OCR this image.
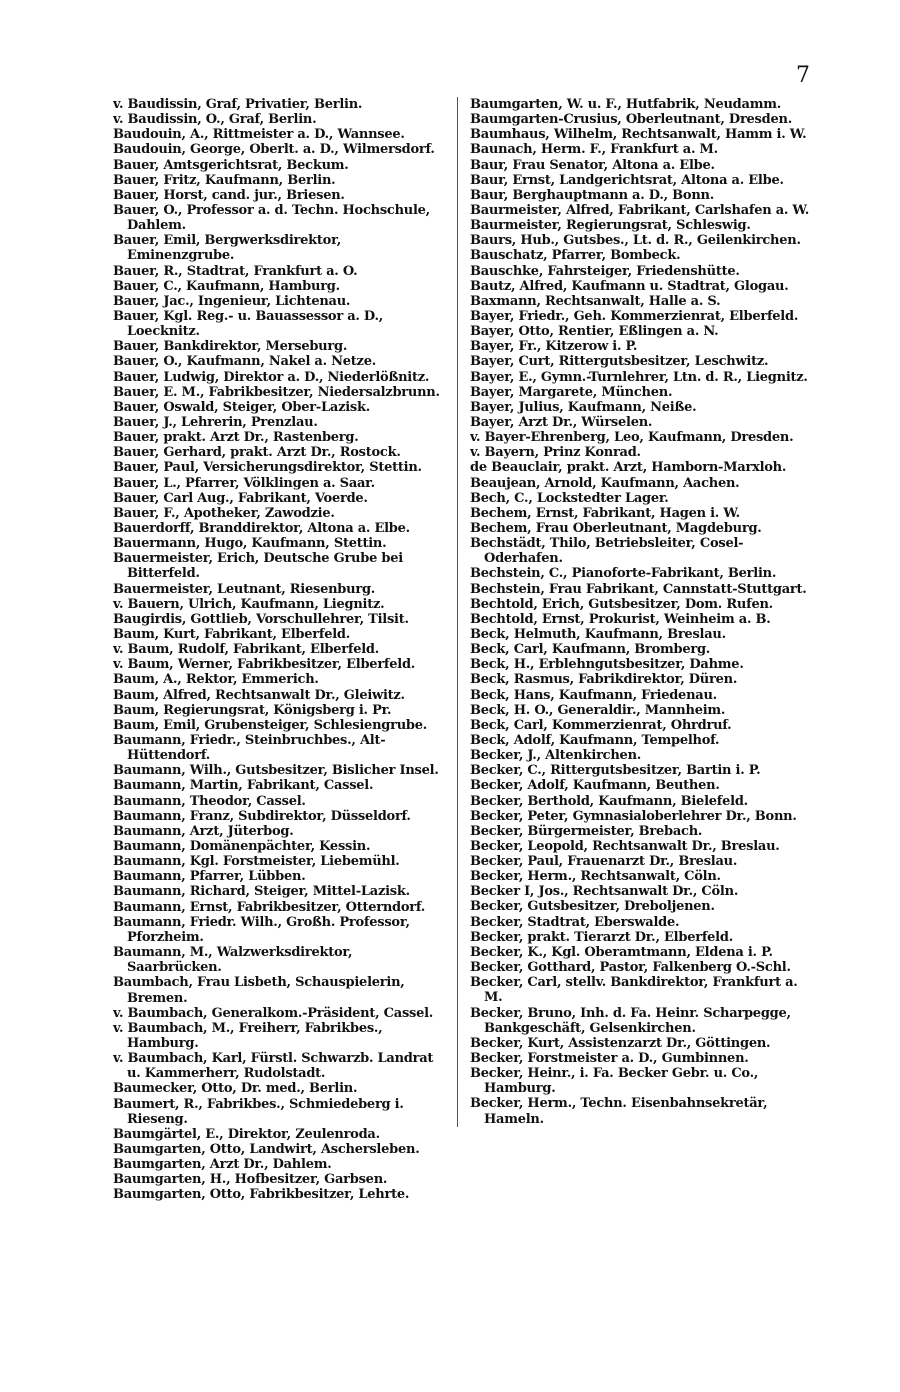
7
v. Baudissin, Graf, Privatier, Berlin.
v. Baudissin, O., Graf, Berlin.
Baudouin, A., Rittmeister a. D., Wannsee.
Baudouin, George, Oberlt. a. D., Wilmersdorf.
Bauer, Amtsgerichtsrat, Beckum.
Bauer, Fritz, Kaufmann, Berlin.
Bauer, Horst, cand. jur., Briesen.
Bauer, O., Professor a. d. Techn. Hochschule, Dahlem.
Bauer, Emil, Bergwerksdirektor, Eminenzgrube.
Bauer, R., Stadtrat, Frankfurt a. O.
Bauer, C., Kaufmann, Hamburg.
Bauer, Jac., Ingenieur, Lichtenau.
Bauer, Kgl. Reg.- u. Bauassessor a. D., Loecknitz.
Bauer, Bankdirektor, Merseburg.
Bauer, O., Kaufmann, Nakel a. Netze.
Bauer, Ludwig, Direktor a. D., Niederlößnitz.
Bauer, E. M., Fabrikbesitzer, Niedersalzbrunn.
Bauer, Oswald, Steiger, Ober-Lazisk.
Bauer, J., Lehrerin, Prenzlau.
Bauer, prakt. Arzt Dr., Rastenberg.
Bauer, Gerhard, prakt. Arzt Dr., Rostock.
Bauer, Paul, Versicherungsdirektor, Stettin.
Bauer, L., Pfarrer, Völklingen a. Saar.
Bauer, Carl Aug., Fabrikant, Voerde.
Bauer, F., Apotheker, Zawodzie.
Bauerdorff, Branddirektor, Altona a. Elbe.
Bauermann, Hugo, Kaufmann, Stettin.
Bauermeister, Erich, Deutsche Grube bei Bitterfeld.
Bauermeister, Leutnant, Riesenburg.
v. Bauern, Ulrich, Kaufmann, Liegnitz.
Baugirdis, Gottlieb, Vorschullehrer, Tilsit.
Baum, Kurt, Fabrikant, Elberfeld.
v. Baum, Rudolf, Fabrikant, Elberfeld.
v. Baum, Werner, Fabrikbesitzer, Elberfeld.
Baum, A., Rektor, Emmerich.
Baum, Alfred, Rechtsanwalt Dr., Gleiwitz.
Baum, Regierungsrat, Königsberg i. Pr.
Baum, Emil, Grubensteiger, Schlesiengrube.
Baumann, Friedr., Steinbruchbes., Alt-Hüttendorf.
Baumann, Wilh., Gutsbesitzer, Bislicher Insel.
Baumann, Martin, Fabrikant, Cassel.
Baumann, Theodor, Cassel.
Baumann, Franz, Subdirektor, Düsseldorf.
Baumann, Arzt, Jüterbog.
Baumann, Domänenpächter, Kessin.
Baumann, Kgl. Forstmeister, Liebemühl.
Baumann, Pfarrer, Lübben.
Baumann, Richard, Steiger, Mittel-Lazisk.
Baumann, Ernst, Fabrikbesitzer, Otterndorf.
Baumann, Friedr. Wilh., Großh. Professor, Pforzheim.
Baumann, M., Walzwerksdirektor, Saarbrücken.
Baumbach, Frau Lisbeth, Schauspielerin, Bremen.
v. Baumbach, Generalkom.-Präsident, Cassel.
v. Baumbach, M., Freiherr, Fabrikbes., Hamburg.
v. Baumbach, Karl, Fürstl. Schwarzb. Landrat u. Kammerherr, Rudolstadt.
Baumecker, Otto, Dr. med., Berlin.
Baumert, R., Fabrikbes., Schmiedeberg i. Rieseng.
Baumgärtel, E., Direktor, Zeulenroda.
Baumgarten, Otto, Landwirt, Aschersleben.
Baumgarten, Arzt Dr., Dahlem.
Baumgarten, H., Hofbesitzer, Garbsen.
Baumgarten, Otto, Fabrikbesitzer, Lehrte.
Baumgarten, W. u. F., Hutfabrik, Neudamm.
Baumgarten-Crusius, Oberleutnant, Dresden.
Baumhaus, Wilhelm, Rechtsanwalt, Hamm i. W.
Baunach, Herm. F., Frankfurt a. M.
Baur, Frau Senator, Altona a. Elbe.
Baur, Ernst, Landgerichtsrat, Altona a. Elbe.
Baur, Berghauptmann a. D., Bonn.
Baurmeister, Alfred, Fabrikant, Carlshafen a. W.
Baurmeister, Regierungsrat, Schleswig.
Baurs, Hub., Gutsbes., Lt. d. R., Geilenkirchen.
Bauschatz, Pfarrer, Bombeck.
Bauschke, Fahrsteiger, Friedenshütte.
Bautz, Alfred, Kaufmann u. Stadtrat, Glogau.
Baxmann, Rechtsanwalt, Halle a. S.
Bayer, Friedr., Geh. Kommerzienrat, Elberfeld.
Bayer, Otto, Rentier, Eßlingen a. N.
Bayer, Fr., Kitzerow i. P.
Bayer, Curt, Rittergutsbesitzer, Leschwitz.
Bayer, E., Gymn.-Turnlehrer, Ltn. d. R., Liegnitz.
Bayer, Margarete, München.
Bayer, Julius, Kaufmann, Neiße.
Bayer, Arzt Dr., Würselen.
v. Bayer-Ehrenberg, Leo, Kaufmann, Dresden.
v. Bayern, Prinz Konrad.
de Beauclair, prakt. Arzt, Hamborn-Marxloh.
Beaujean, Arnold, Kaufmann, Aachen.
Bech, C., Lockstedter Lager.
Bechem, Ernst, Fabrikant, Hagen i. W.
Bechem, Frau Oberleutnant, Magdeburg.
Bechstädt, Thilo, Betriebsleiter, Cosel-Oderhafen.
Bechstein, C., Pianoforte-Fabrikant, Berlin.
Bechstein, Frau Fabrikant, Cannstatt-Stuttgart.
Bechtold, Erich, Gutsbesitzer, Dom. Rufen.
Bechtold, Ernst, Prokurist, Weinheim a. B.
Beck, Helmuth, Kaufmann, Breslau.
Beck, Carl, Kaufmann, Bromberg.
Beck, H., Erblehngutsbesitzer, Dahme.
Beck, Rasmus, Fabrikdirektor, Düren.
Beck, Hans, Kaufmann, Friedenau.
Beck, H. O., Generaldir., Mannheim.
Beck, Carl, Kommerzienrat, Ohrdruf.
Beck, Adolf, Kaufmann, Tempelhof.
Becker, J., Altenkirchen.
Becker, C., Rittergutsbesitzer, Bartin i. P.
Becker, Adolf, Kaufmann, Beuthen.
Becker, Berthold, Kaufmann, Bielefeld.
Becker, Peter, Gymnasialoberlehrer Dr., Bonn.
Becker, Bürgermeister, Brebach.
Becker, Leopold, Rechtsanwalt Dr., Breslau.
Becker, Paul, Frauenarzt Dr., Breslau.
Becker, Herm., Rechtsanwalt, Cöln.
Becker I, Jos., Rechtsanwalt Dr., Cöln.
Becker, Gutsbesitzer, Dreboljenen.
Becker, Stadtrat, Eberswalde.
Becker, prakt. Tierarzt Dr., Elberfeld.
Becker, K., Kgl. Oberamtmann, Eldena i. P.
Becker, Gotthard, Pastor, Falkenberg O.-Schl.
Becker, Carl, stellv. Bankdirektor, Frankfurt a. M.
Becker, Bruno, Inh. d. Fa. Heinr. Scharpegge, Bankgeschäft, Gelsenkirchen.
Becker, Kurt, Assistenzarzt Dr., Göttingen.
Becker, Forstmeister a. D., Gumbinnen.
Becker, Heinr., i. Fa. Becker Gebr. u. Co., Hamburg.
Becker, Herm., Techn. Eisenbahnsekretär, Hameln.
